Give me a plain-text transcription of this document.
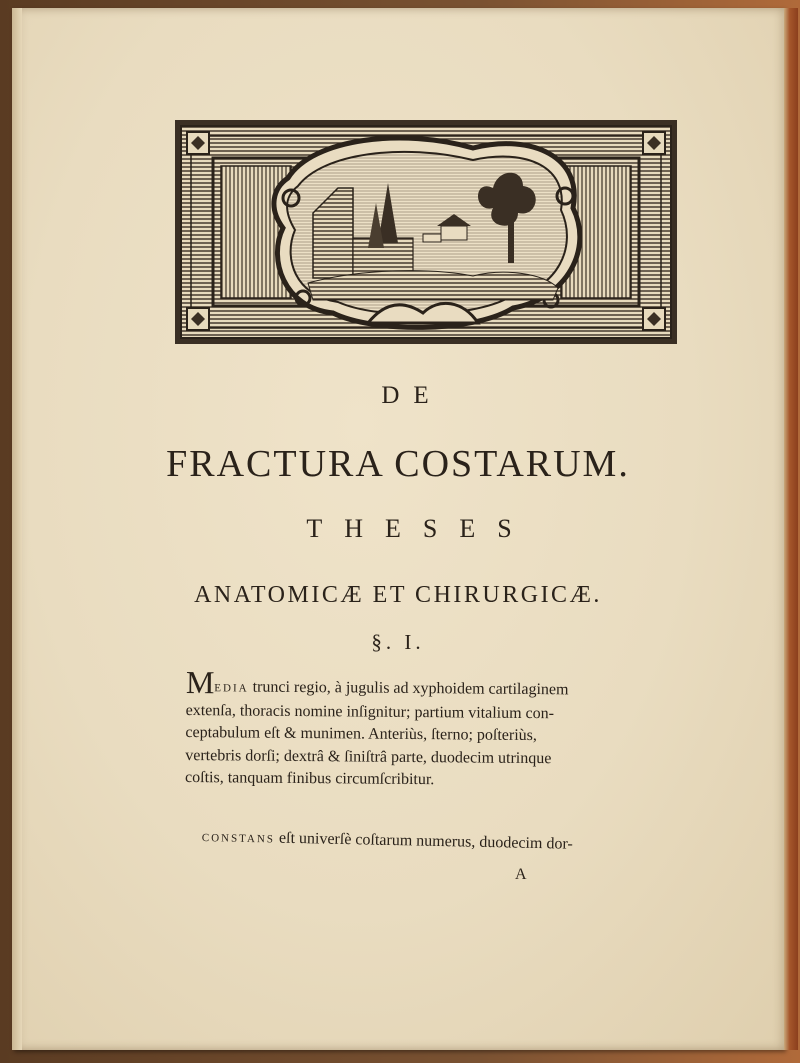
DE
FRACTURA COSTARUM.
THESES
ANATOMICÆ ET CHIRURGICÆ.
§. I.
MEDIA trunci regio, à jugulis ad xyphoidem cartilaginem
extenſa, thoracis nomine inſignitur; partium vitalium con-
ceptabulum eſt & munimen. Anteriùs, ſterno; poſteriùs,
vertebris dorſi; dextrâ & ſiniſtrâ parte, duodecim utrinque
coſtis, tanquam finibus circumſcribitur.
CONSTANS eſt univerſè coſtarum numerus, duodecim dor-
A
